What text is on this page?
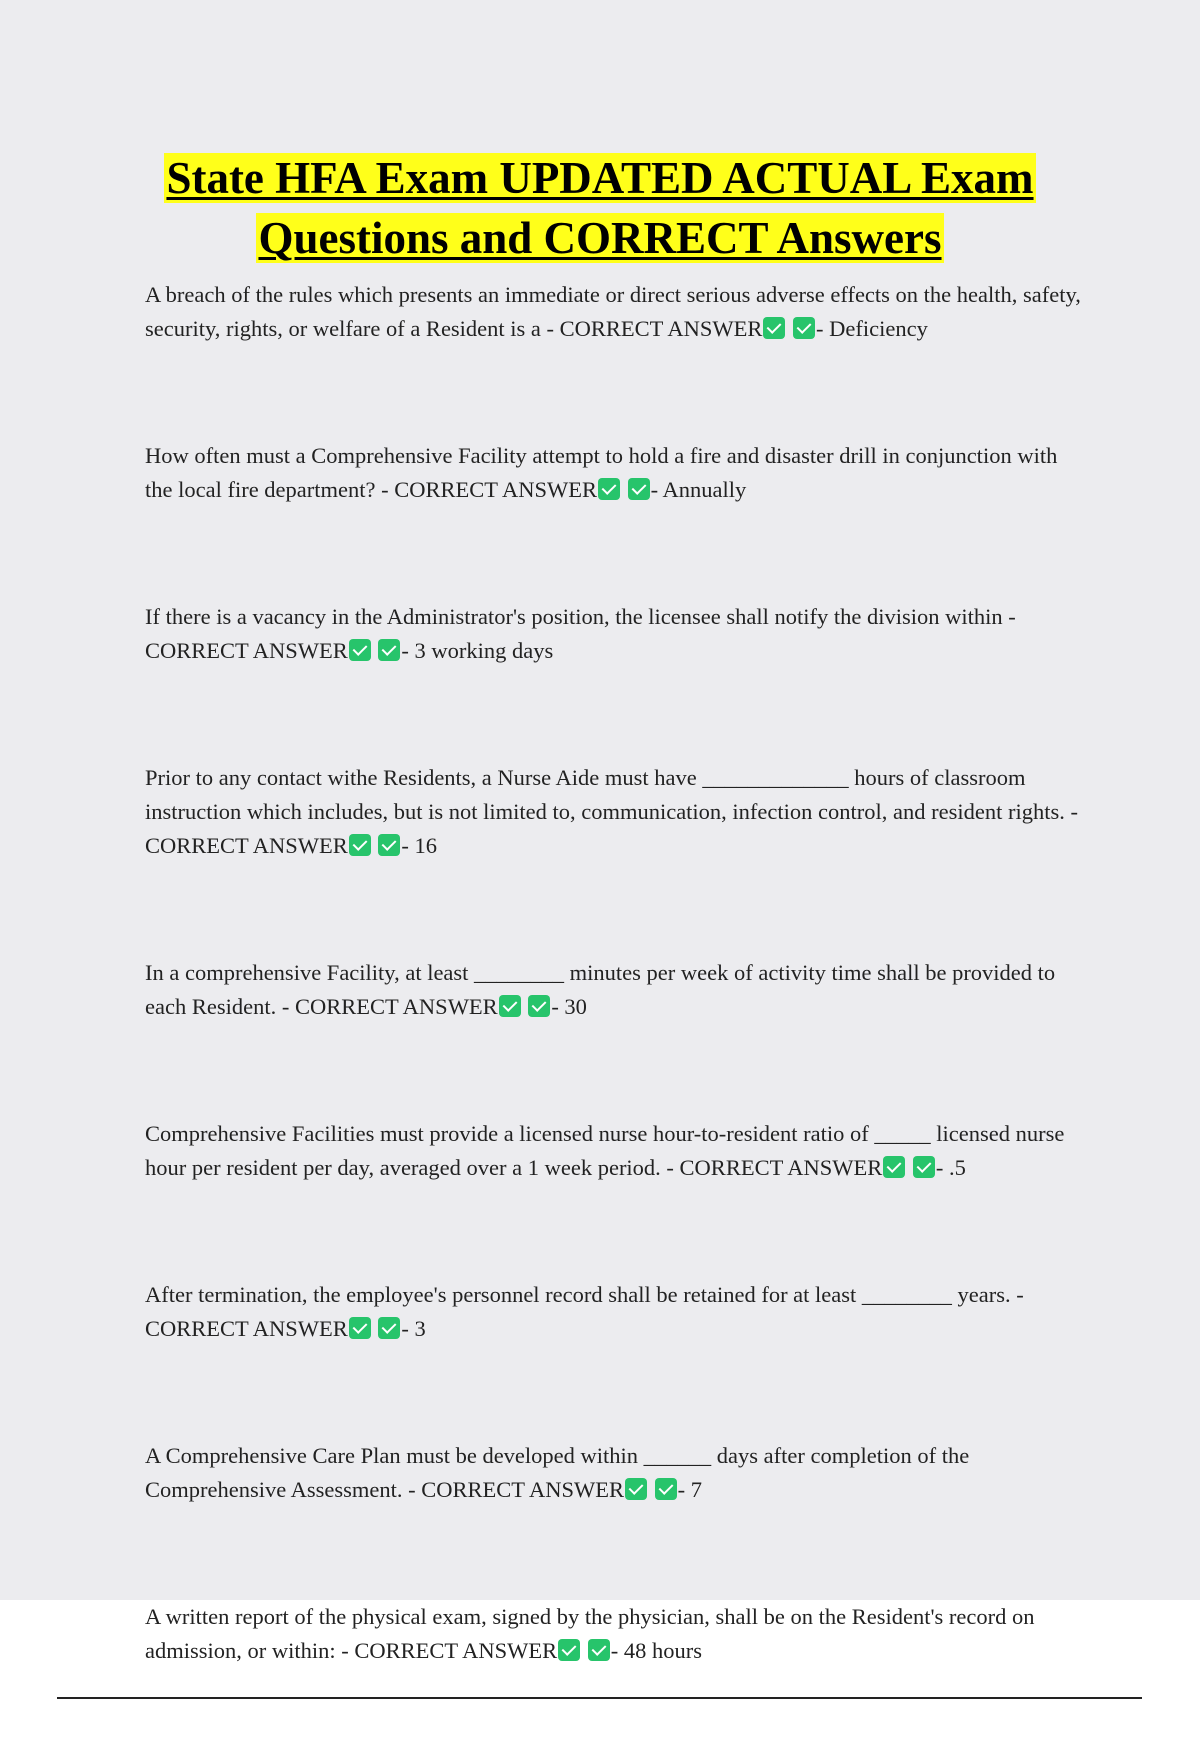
State HFA Exam UPDATED ACTUAL Exam Questions and CORRECT Answers

A breach of the rules which presents an immediate or direct serious adverse effects on the health, safety, security, rights, or welfare of a Resident is a - CORRECT ANSWER - Deficiency

How often must a Comprehensive Facility attempt to hold a fire and disaster drill in conjunction with the local fire department? - CORRECT ANSWER - Annually

If there is a vacancy in the Administrator's position, the licensee shall notify the division within - CORRECT ANSWER - 3 working days

Prior to any contact withe Residents, a Nurse Aide must have _____________ hours of classroom instruction which includes, but is not limited to, communication, infection control, and resident rights. - CORRECT ANSWER - 16

In a comprehensive Facility, at least ________ minutes per week of activity time shall be provided to each Resident. - CORRECT ANSWER - 30

Comprehensive Facilities must provide a licensed nurse hour-to-resident ratio of _____ licensed nurse hour per resident per day, averaged over a 1 week period. - CORRECT ANSWER - .5

After termination, the employee's personnel record shall be retained for at least ________ years. - CORRECT ANSWER - 3

A Comprehensive Care Plan must be developed within ______ days after completion of the Comprehensive Assessment. - CORRECT ANSWER - 7

A written report of the physical exam, signed by the physician, shall be on the Resident's record on admission, or within: - CORRECT ANSWER - 48 hours
